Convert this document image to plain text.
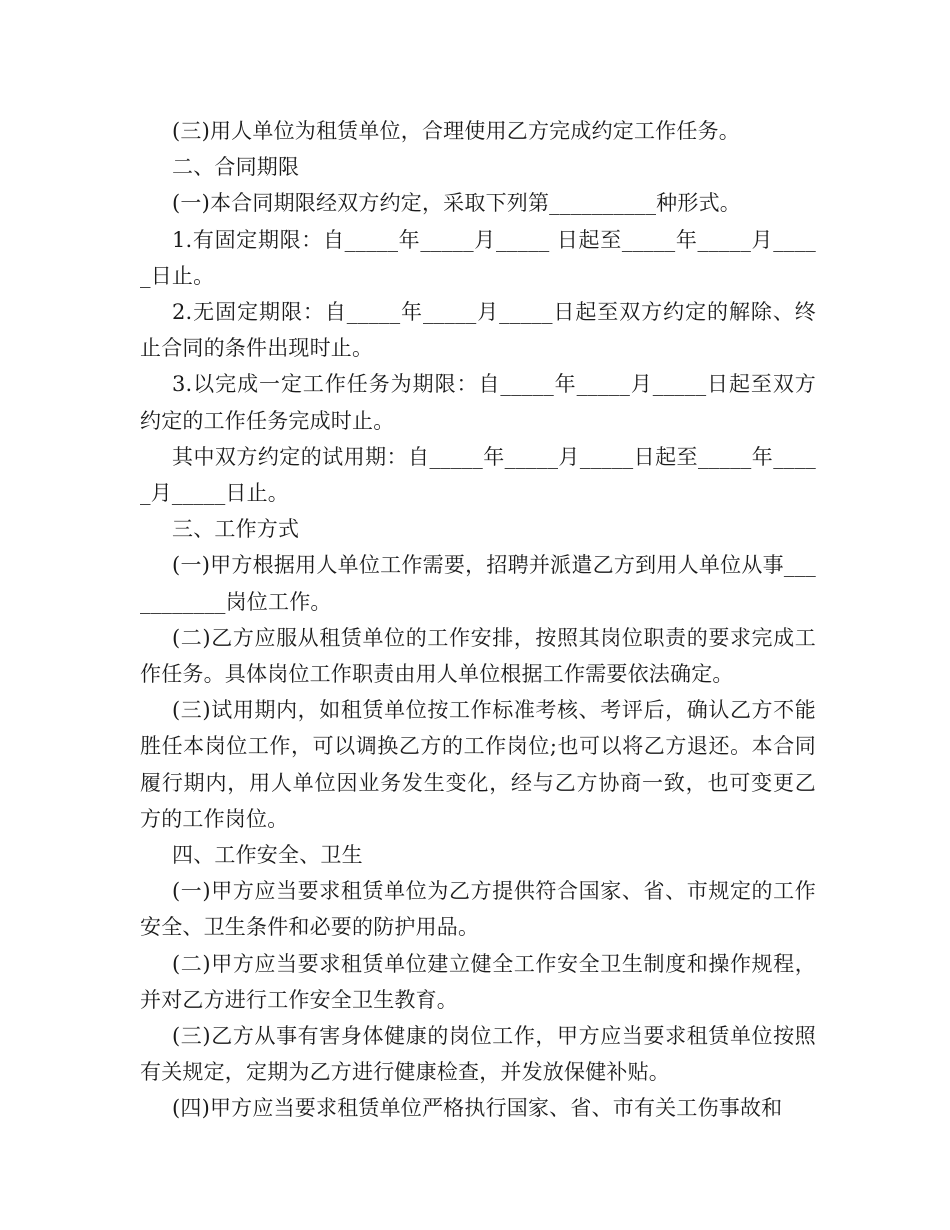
(三)用人单位为租赁单位，合理使用乙方完成约定工作任务。

二、合同期限

(一)本合同期限经双方约定，采取下列第__________种形式。

1.有固定期限：自_____年_____月_____ 日起至_____年_____月_____日止。

2.无固定期限：自_____年_____月_____日起至双方约定的解除、终止合同的条件出现时止。

3.以完成一定工作任务为期限：自_____年_____月_____日起至双方约定的工作任务完成时止。

其中双方约定的试用期：自_____年_____月_____日起至_____年_____月_____日止。

三、工作方式

(一)甲方根据用人单位工作需要，招聘并派遣乙方到用人单位从事___________岗位工作。

(二)乙方应服从租赁单位的工作安排，按照其岗位职责的要求完成工作任务。具体岗位工作职责由用人单位根据工作需要依法确定。

(三)试用期内，如租赁单位按工作标准考核、考评后，确认乙方不能胜任本岗位工作，可以调换乙方的工作岗位;也可以将乙方退还。本合同履行期内，用人单位因业务发生变化，经与乙方协商一致，也可变更乙方的工作岗位。

四、工作安全、卫生

(一)甲方应当要求租赁单位为乙方提供符合国家、省、市规定的工作安全、卫生条件和必要的防护用品。

(二)甲方应当要求租赁单位建立健全工作安全卫生制度和操作规程，并对乙方进行工作安全卫生教育。

(三)乙方从事有害身体健康的岗位工作，甲方应当要求租赁单位按照有关规定，定期为乙方进行健康检查，并发放保健补贴。

(四)甲方应当要求租赁单位严格执行国家、省、市有关工伤事故和
